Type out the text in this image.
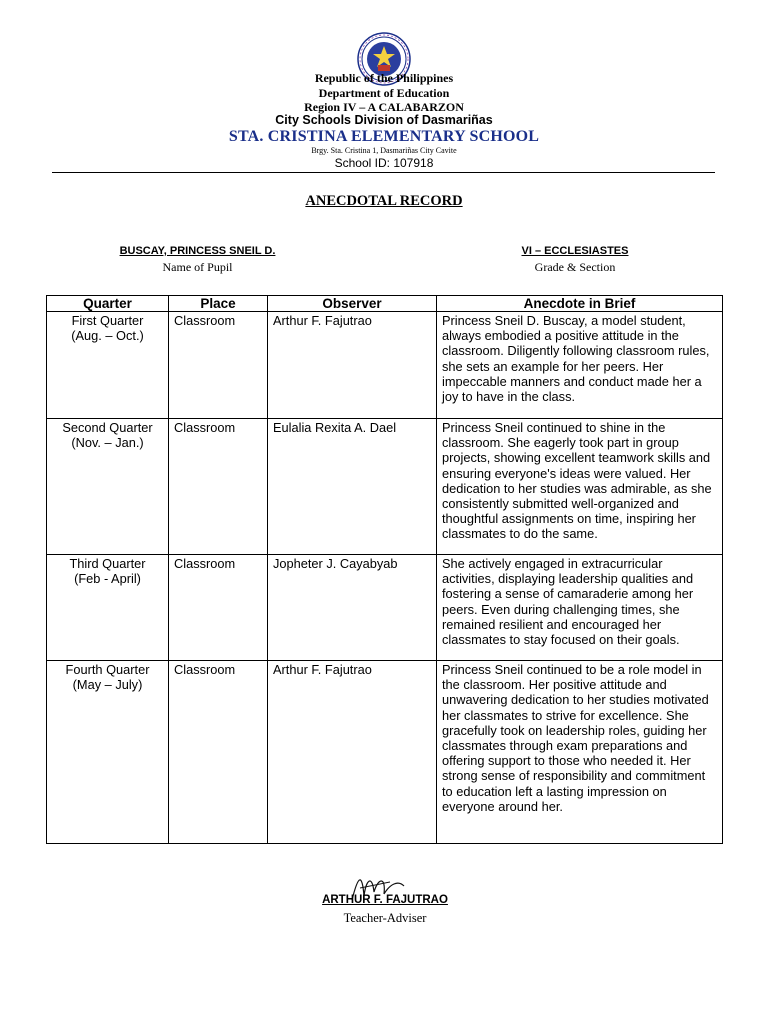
Republic of the Philippines
Department of Education
Region IV – A CALABARZON
City Schools Division of Dasmariñas
STA. CRISTINA ELEMENTARY SCHOOL
Brgy. Sta. Cristina 1, Dasmariñas City Cavite
School ID: 107918
ANECDOTAL RECORD
BUSCAY, PRINCESS SNEIL D.
Name of Pupil
VI – ECCLESIASTES
Grade & Section
Quarter	Place	Observer	Anecdote in Brief

First Quarter
(Aug. – Oct.)	Classroom	Arthur F. Fajutrao	Princess Sneil D. Buscay, a model student, always embodied a positive attitude in the classroom. Diligently following classroom rules, she sets an example for her peers. Her impeccable manners and conduct made her a joy to have in the class.

Second Quarter
(Nov. – Jan.)	Classroom	Eulalia Rexita A. Dael	Princess Sneil continued to shine in the classroom. She eagerly took part in group projects, showing excellent teamwork skills and ensuring everyone's ideas were valued. Her dedication to her studies was admirable, as she consistently submitted well-organized and thoughtful assignments on time, inspiring her classmates to do the same.

Third Quarter
(Feb - April)	Classroom	Jopheter J. Cayabyab	She actively engaged in extracurricular activities, displaying leadership qualities and fostering a sense of camaraderie among her peers. Even during challenging times, she remained resilient and encouraged her classmates to stay focused on their goals.

Fourth Quarter
(May – July)	Classroom	Arthur F. Fajutrao	Princess Sneil continued to be a role model in the classroom. Her positive attitude and unwavering dedication to her studies motivated her classmates to strive for excellence. She gracefully took on leadership roles, guiding her classmates through exam preparations and offering support to those who needed it. Her strong sense of responsibility and commitment to education left a lasting impression on everyone around her.
ARTHUR F. FAJUTRAO
Teacher-Adviser
